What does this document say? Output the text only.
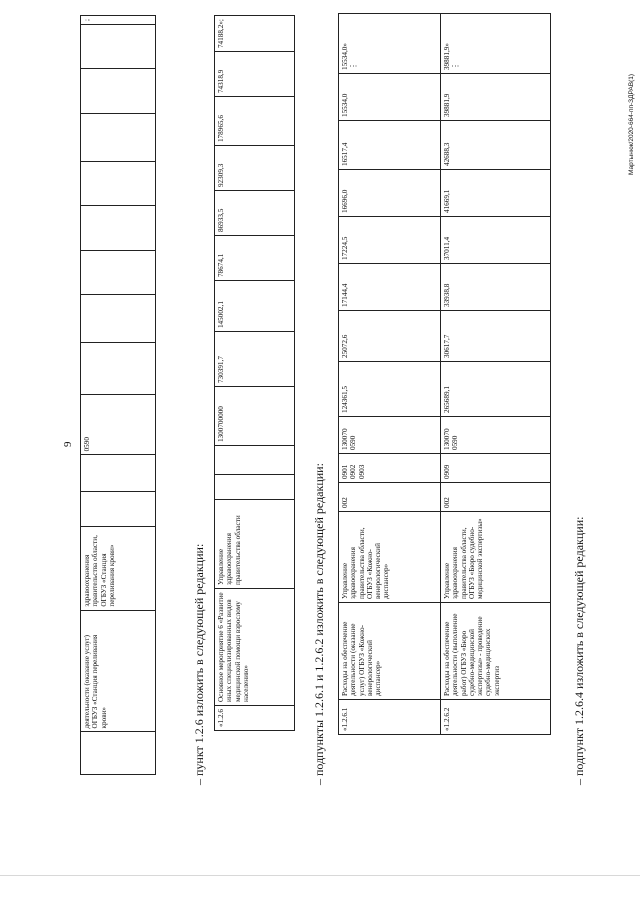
9
	деятельности (оказание услуг) ОГБУЗ «Станция переливания крови»	здравоохранения правительства области, ОГБУЗ «Станция переливания крови»			0590									;
– пункт 1.2.6 изложить в следующей редакции: «1.2.6	Основное мероприятие 6 «Развитие иных специализированных видов медицинской помощи взрослому населению»	Управление здравоохранения правительства области			1300700000	730391,7	145002,1	78674,1	86933,5	92309,3	178965,6	74318,9	74188,2»;
– подпункты 1.2.6.1 и 1.2.6.2 изложить в следующей редакции: «1.2.6.1	Расходы на обеспечение деятельности (оказание услуг) ОГБУЗ «Кожно-венерологический диспансер»	Управление здравоохранения правительства области, ОГБУЗ «Кожно-венерологический диспансер»	002	0901 0902 0903	130070 0590	124361,5	25072,6	17144,4	17224,5	16696,0	16517,4	15534,0	15534,0»
⋮
«1.2.6.2	Расходы на обеспечение деятельности (выполнение работ) ОГБУЗ «Бюро судебно-медицинской экспертизы» - проведение судебно-медицинских экспертиз	Управление здравоохранения правительства области, ОГБУЗ «Бюро судебно-медицинской экспертизы»	002	0909	130070 0590	265689,1	30617,7	33938,8	37011,4	41669,1	42688,3	39881,9	39881,9»
⋮
– подпункт 1.2.6.4 изложить в следующей редакции:
Мартынюк/2020-664-пп-ЗДРАВ(1)
